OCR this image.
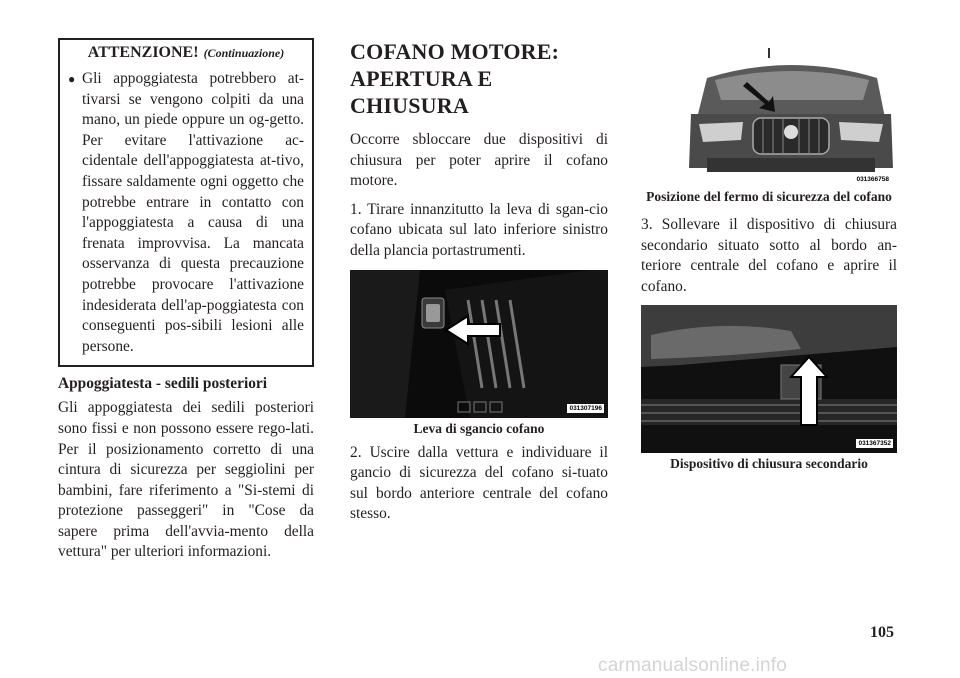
ATTENZIONE! (Continuazione)
● Gli appoggiatesta potrebbero at-tivarsi se vengono colpiti da una mano, un piede oppure un og-getto. Per evitare l'attivazione ac-cidentale dell'appoggiatesta at-tivo, fissare saldamente ogni oggetto che potrebbe entrare in contatto con l'appoggiatesta a causa di una frenata improvvisa. La mancata osservanza di questa precauzione potrebbe provocare l'attivazione indesiderata dell'ap-poggiatesta con conseguenti pos-sibili lesioni alle persone.
Appoggiatesta - sedili posteriori

Gli appoggiatesta dei sedili posteriori sono fissi e non possono essere rego-lati. Per il posizionamento corretto di una cintura di sicurezza per seggiolini per bambini, fare riferimento a "Si-stemi di protezione passeggeri" in "Cose da sapere prima dell'avvia-mento della vettura" per ulteriori informazioni.

COFANO MOTORE: APERTURA E CHIUSURA

Occorre sbloccare due dispositivi di chiusura per poter aprire il cofano motore.

1. Tirare innanzitutto la leva di sgan-cio cofano ubicata sul lato inferiore sinistro della plancia portastrumenti.

031307196
Leva di sgancio cofano

2. Uscire dalla vettura e individuare il gancio di sicurezza del cofano si-tuato sul bordo anteriore centrale del cofano stesso.

031366758
Posizione del fermo di sicurezza del cofano

3. Sollevare il dispositivo di chiusura secondario situato sotto al bordo an-teriore centrale del cofano e aprire il cofano.

031367352
Dispositivo di chiusura secondario
105
carmanualsonline.info
